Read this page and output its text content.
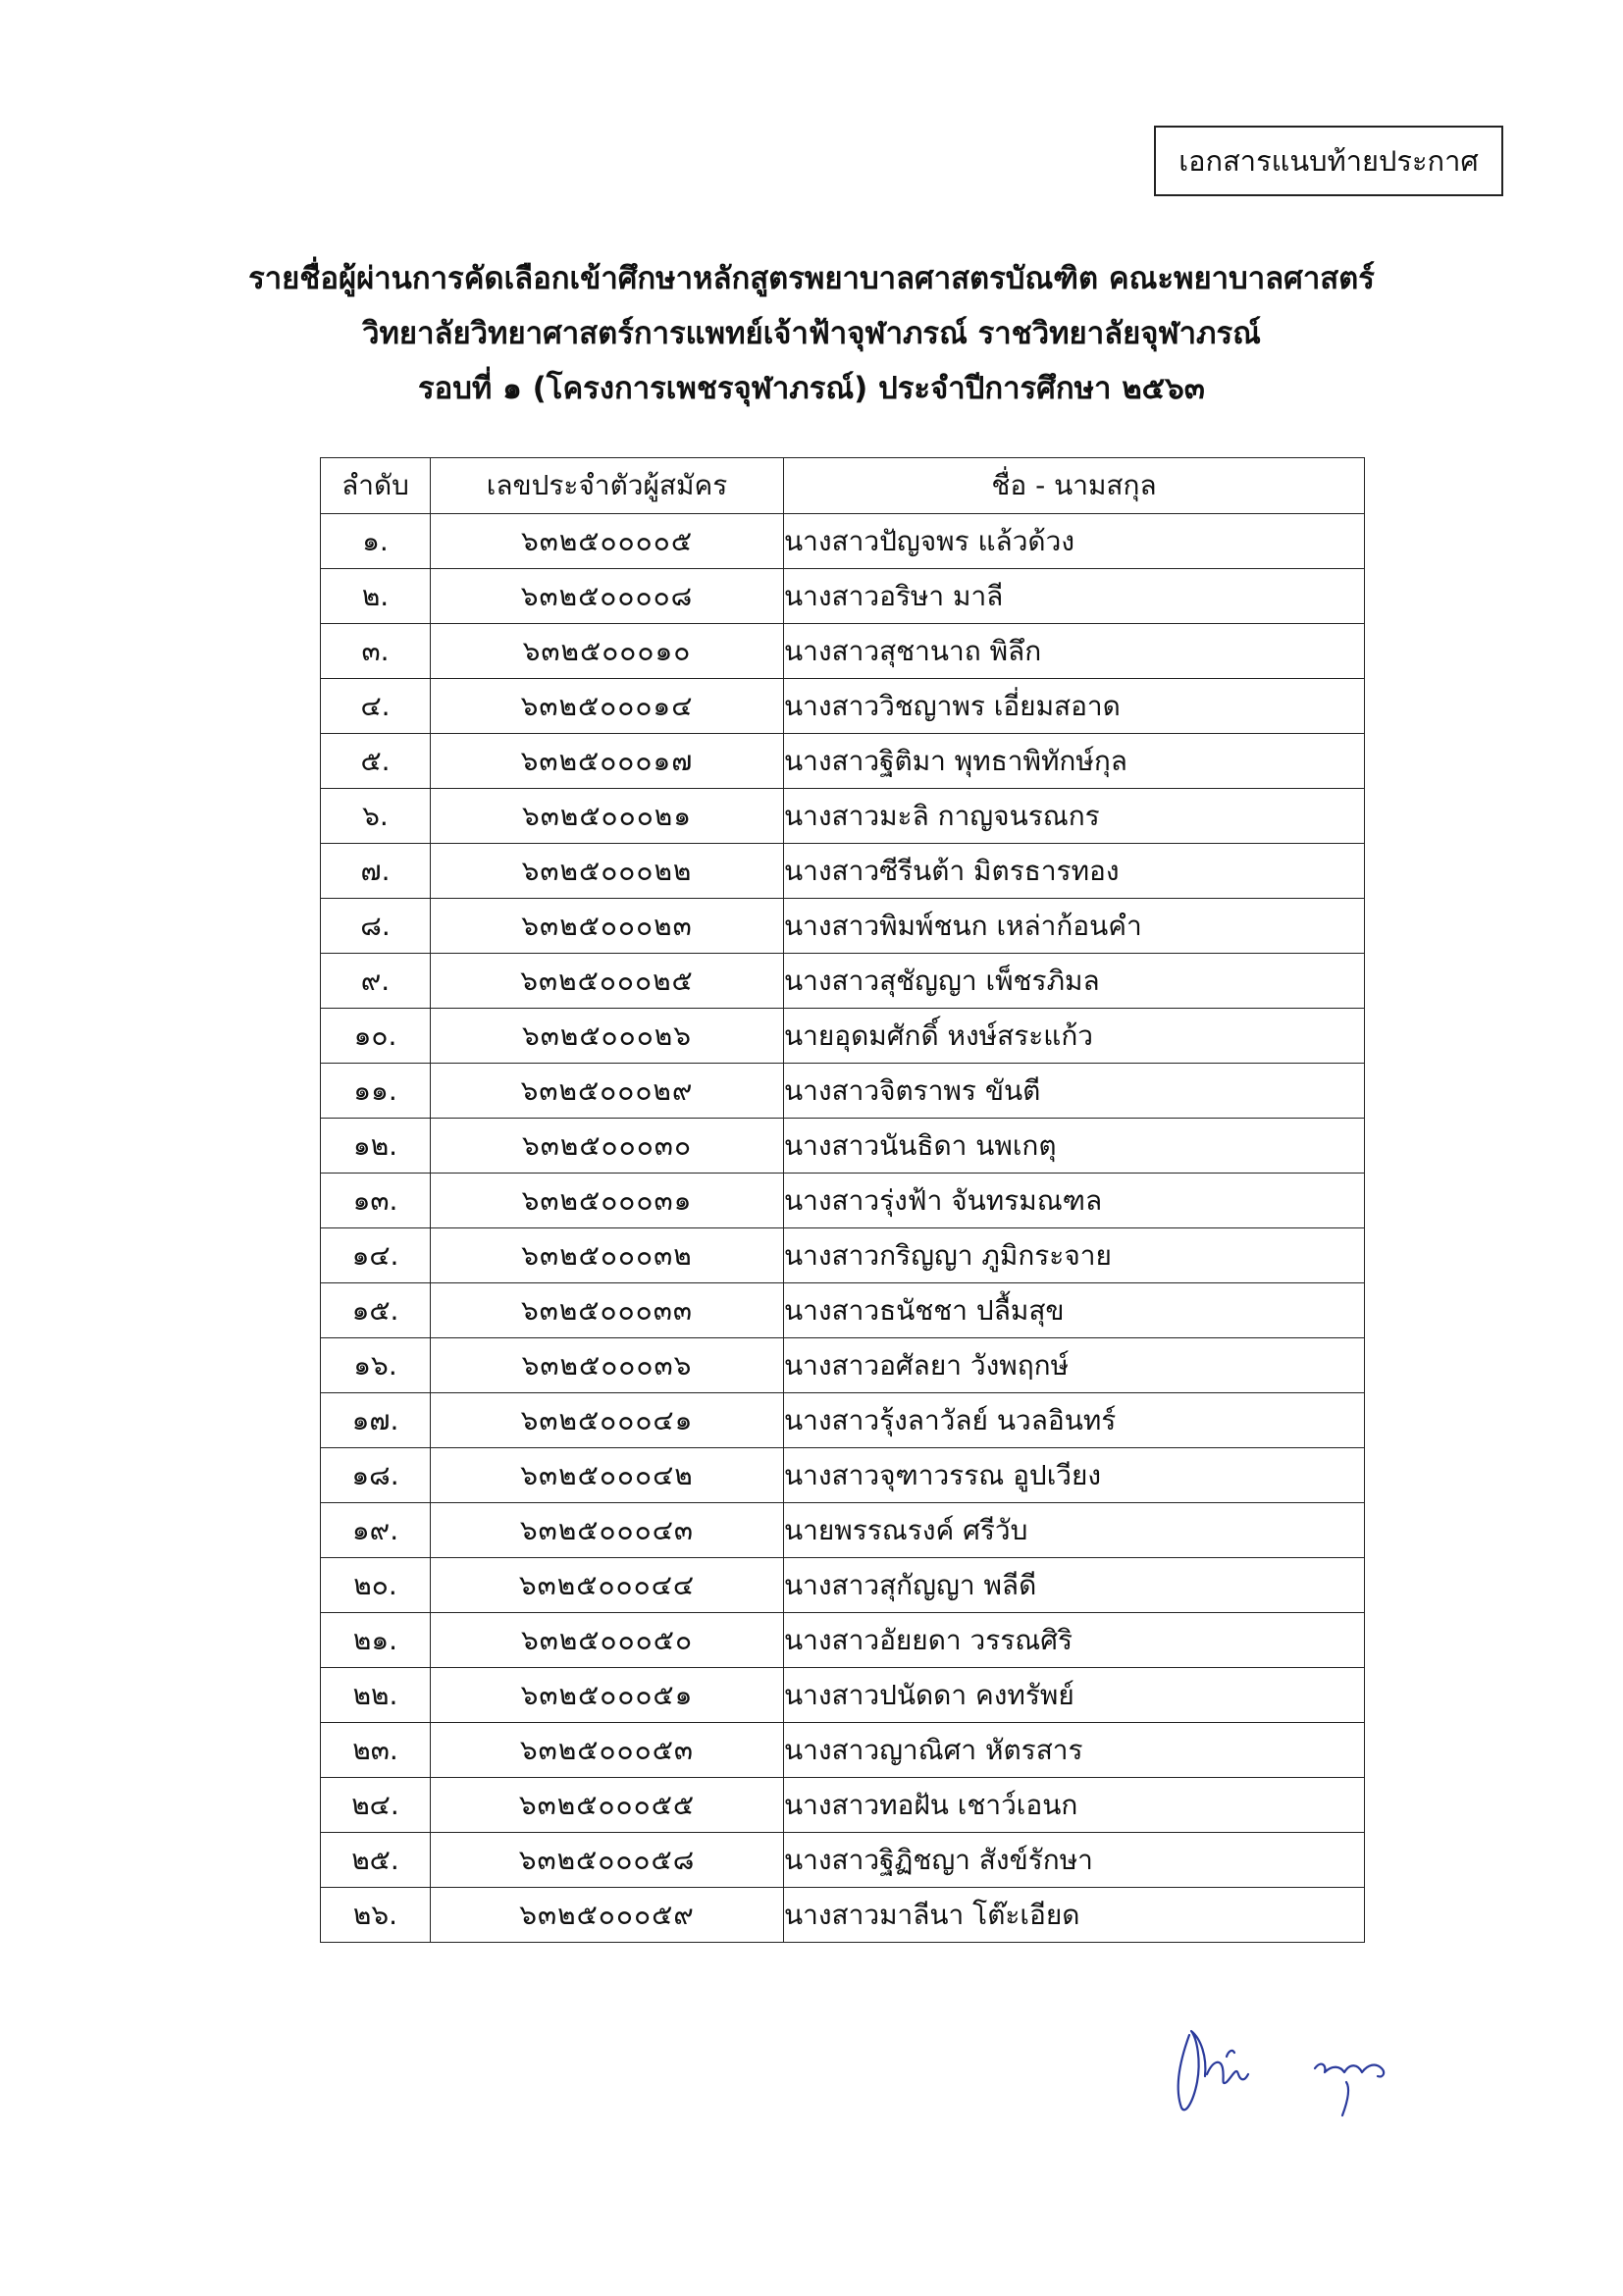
เอกสารแนบท้ายประกาศ
รายชื่อผู้ผ่านการคัดเลือกเข้าศึกษาหลักสูตรพยาบาลศาสตรบัณฑิต คณะพยาบาลศาสตร์
วิทยาลัยวิทยาศาสตร์การแพทย์เจ้าฟ้าจุฬาภรณ์ ราชวิทยาลัยจุฬาภรณ์
รอบที่ ๑ (โครงการเพชรจุฬาภรณ์) ประจำปีการศึกษา ๒๕๖๓
ลำดับ	เลขประจำตัวผู้สมัคร	ชื่อ - นามสกุล
๑.	๖๓๒๕๐๐๐๐๕	นางสาวปัญจพร แล้วด้วง
๒.	๖๓๒๕๐๐๐๐๘	นางสาวอริษา มาลี
๓.	๖๓๒๕๐๐๐๑๐	นางสาวสุชานาถ พิลึก
๔.	๖๓๒๕๐๐๐๑๔	นางสาววิชญาพร เอี่ยมสอาด
๕.	๖๓๒๕๐๐๐๑๗	นางสาวฐิติมา พุทธาพิทักษ์กุล
๖.	๖๓๒๕๐๐๐๒๑	นางสาวมะลิ กาญจนรณกร
๗.	๖๓๒๕๐๐๐๒๒	นางสาวซีรีนต้า มิตรธารทอง
๘.	๖๓๒๕๐๐๐๒๓	นางสาวพิมพ์ชนก เหล่าก้อนคำ
๙.	๖๓๒๕๐๐๐๒๕	นางสาวสุชัญญา เพ็ชรภิมล
๑๐.	๖๓๒๕๐๐๐๒๖	นายอุดมศักดิ์ หงษ์สระแก้ว
๑๑.	๖๓๒๕๐๐๐๒๙	นางสาวจิตราพร ขันตี
๑๒.	๖๓๒๕๐๐๐๓๐	นางสาวนันธิดา นพเกตุ
๑๓.	๖๓๒๕๐๐๐๓๑	นางสาวรุ่งฟ้า จันทรมณฑล
๑๔.	๖๓๒๕๐๐๐๓๒	นางสาวกริญญา ภูมิกระจาย
๑๕.	๖๓๒๕๐๐๐๓๓	นางสาวธนัชชา ปลื้มสุข
๑๖.	๖๓๒๕๐๐๐๓๖	นางสาวอศัลยา วังพฤกษ์
๑๗.	๖๓๒๕๐๐๐๔๑	นางสาวรุ้งลาวัลย์ นวลอินทร์
๑๘.	๖๓๒๕๐๐๐๔๒	นางสาวจุฑาวรรณ อูปเวียง
๑๙.	๖๓๒๕๐๐๐๔๓	นายพรรณรงค์ ศรีวับ
๒๐.	๖๓๒๕๐๐๐๔๔	นางสาวสุกัญญา พลีดี
๒๑.	๖๓๒๕๐๐๐๕๐	นางสาวอัยยดา วรรณศิริ
๒๒.	๖๓๒๕๐๐๐๕๑	นางสาวปนัดดา คงทรัพย์
๒๓.	๖๓๒๕๐๐๐๕๓	นางสาวญาณิศา หัตรสาร
๒๔.	๖๓๒๕๐๐๐๕๕	นางสาวทอฝัน เชาว์เอนก
๒๕.	๖๓๒๕๐๐๐๕๘	นางสาวฐิฏิชญา สังข์รักษา
๒๖.	๖๓๒๕๐๐๐๕๙	นางสาวมาลีนา โต๊ะเอียด
